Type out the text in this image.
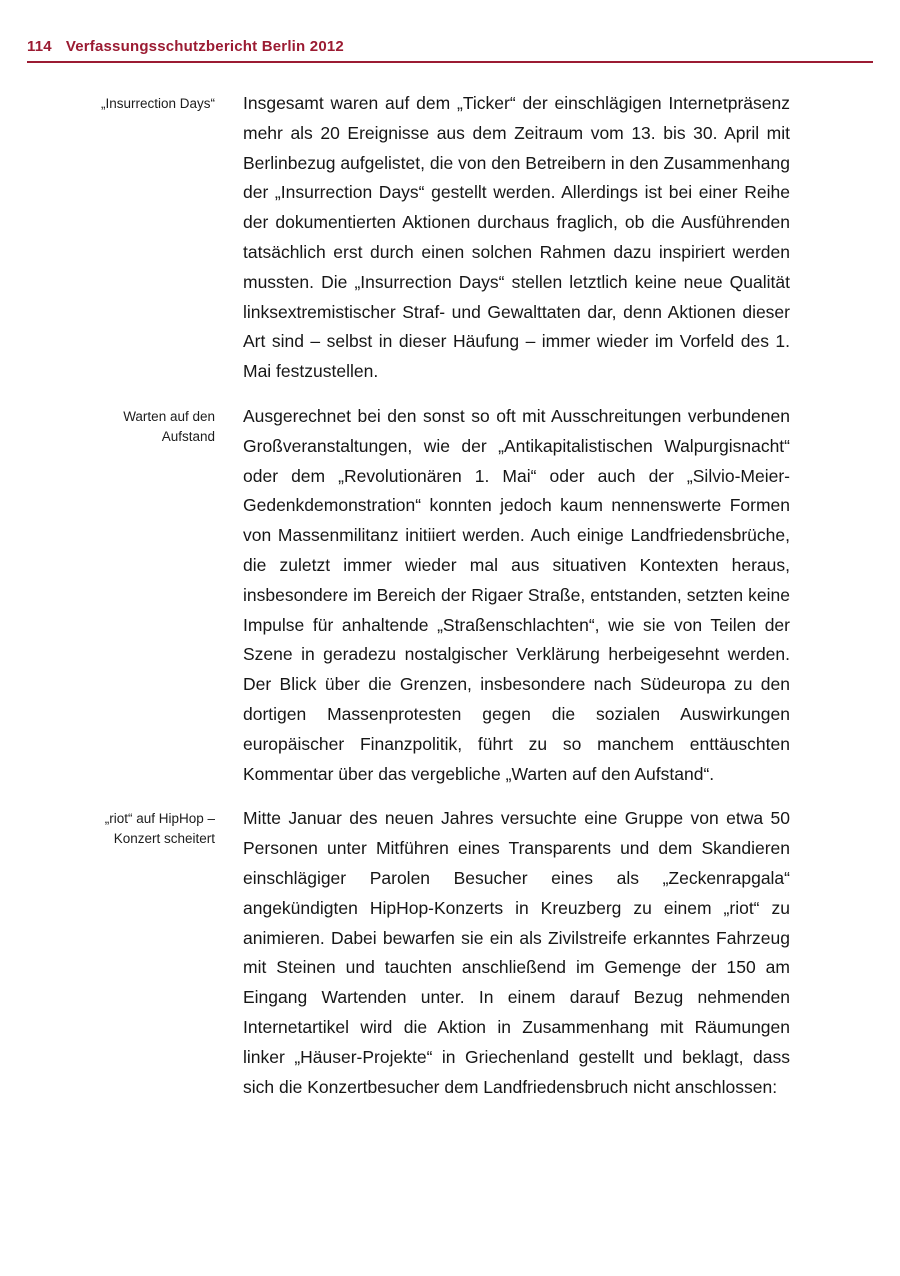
114 Verfassungsschutzbericht Berlin 2012
„Insurrection Days“ Insgesamt waren auf dem „Ticker“ der einschlägigen Internetpräsenz mehr als 20 Ereignisse aus dem Zeitraum vom 13. bis 30. April mit Berlinbezug aufgelistet, die von den Betreibern in den Zusammenhang der „Insurrection Days“ gestellt werden. Allerdings ist bei einer Reihe der dokumentierten Aktionen durchaus fraglich, ob die Ausführenden tatsächlich erst durch einen solchen Rahmen dazu inspiriert werden mussten. Die „Insurrection Days“ stellen letztlich keine neue Qualität linksextremistischer Straf- und Gewalttaten dar, denn Aktionen dieser Art sind – selbst in dieser Häufung – immer wieder im Vorfeld des 1. Mai festzustellen.
Warten auf den Aufstand
Ausgerechnet bei den sonst so oft mit Ausschreitungen verbundenen Großveranstaltungen, wie der „Antikapitalistischen Walpurgisnacht“ oder dem „Revolutionären 1. Mai“ oder auch der „Silvio-Meier-Gedenkdemonstration“ konnten jedoch kaum nennenswerte Formen von Massenmilitanz initiiert werden. Auch einige Landfriedensbrüche, die zuletzt immer wieder mal aus situativen Kontexten heraus, insbesondere im Bereich der Rigaer Straße, entstanden, setzten keine Impulse für anhaltende „Straßenschlachten“, wie sie von Teilen der Szene in geradezu nostalgischer Verklärung herbeigesehnt werden. Der Blick über die Grenzen, insbesondere nach Südeuropa zu den dortigen Massenprotesten gegen die sozialen Auswirkungen europäischer Finanzpolitik, führt zu so manchem enttäuschten Kommentar über das vergebliche „Warten auf den Aufstand“.
„riot“ auf HipHop – Konzert scheitert
Mitte Januar des neuen Jahres versuchte eine Gruppe von etwa 50 Personen unter Mitführen eines Transparents und dem Skandieren einschlägiger Parolen Besucher eines als „Zeckenrapgala“ angekündigten HipHop-Konzerts in Kreuzberg zu einem „riot“ zu animieren. Dabei bewarfen sie ein als Zivilstreife erkanntes Fahrzeug mit Steinen und tauchten anschließend im Gemenge der 150 am Eingang Wartenden unter. In einem darauf Bezug nehmenden Internetartikel wird die Aktion in Zusammenhang mit Räumungen linker „Häuser-Projekte“ in Griechenland gestellt und beklagt, dass sich die Konzertbesucher dem Landfriedensbruch nicht anschlossen:
